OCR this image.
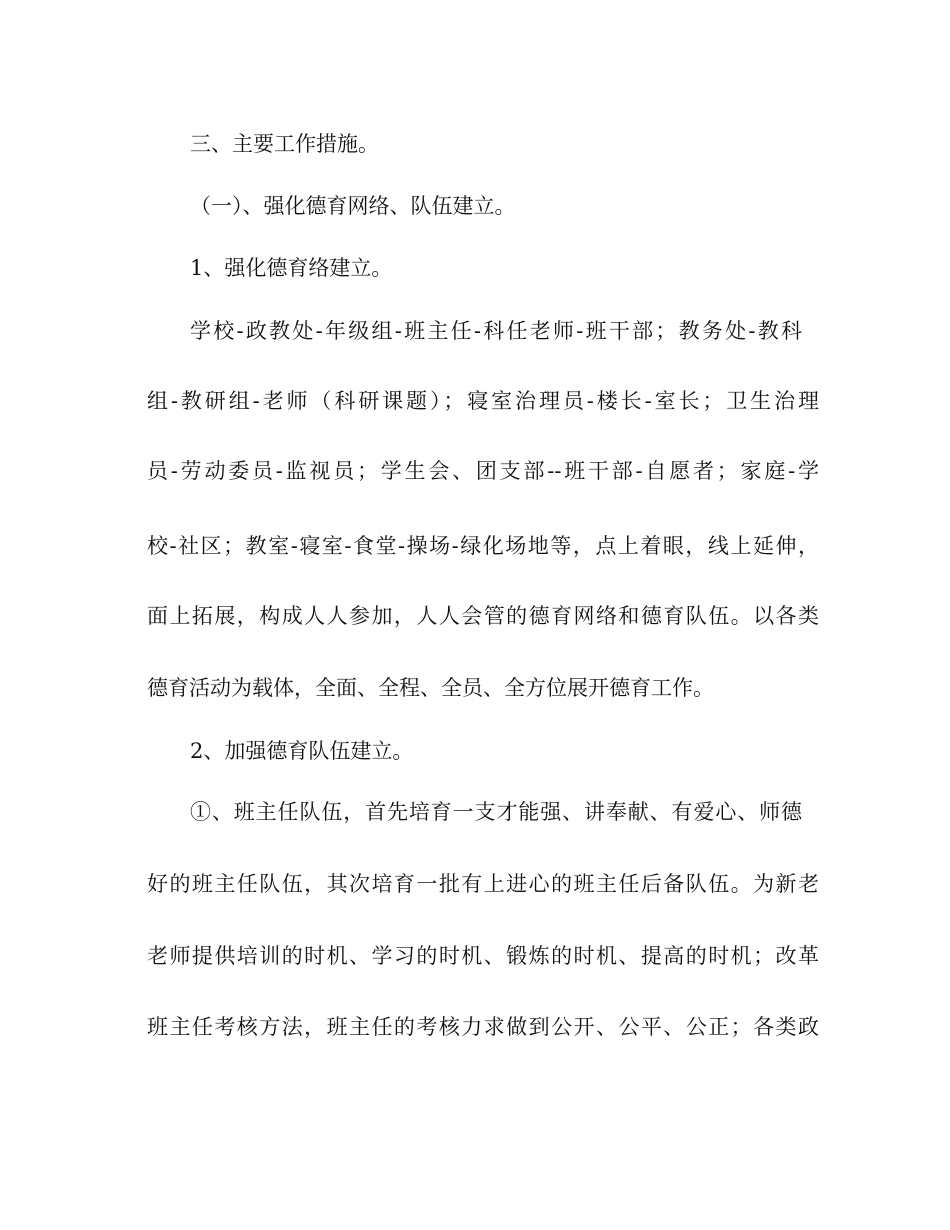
三、主要工作措施。
（一）、强化德育网络、队伍建立。
1、强化德育络建立。
学校-政教处-年级组-班主任-科任老师-班干部；教务处-教科
组-教研组-老师（科研课题）；寝室治理员-楼长-室长；卫生治理
员-劳动委员-监视员；学生会、团支部--班干部-自愿者；家庭-学
校-社区；教室-寝室-食堂-操场-绿化场地等，点上着眼，线上延伸，
面上拓展，构成人人参加，人人会管的德育网络和德育队伍。以各类
德育活动为载体，全面、全程、全员、全方位展开德育工作。
2、加强德育队伍建立。
①、班主任队伍，首先培育一支才能强、讲奉献、有爱心、师德
好的班主任队伍，其次培育一批有上进心的班主任后备队伍。为新老
老师提供培训的时机、学习的时机、锻炼的时机、提高的时机；改革
班主任考核方法，班主任的考核力求做到公开、公平、公正；各类政
